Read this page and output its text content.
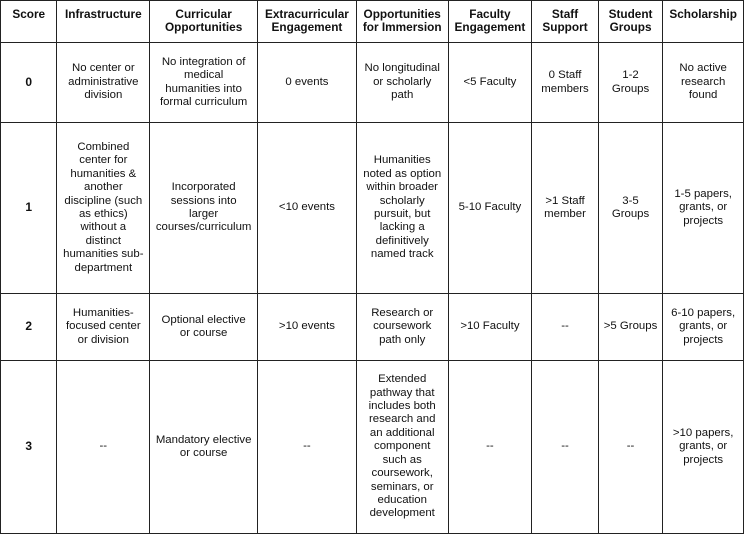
Score	Infrastructure	Curricular Opportunities	Extracurricular Engagement	Opportunities for Immersion	Faculty Engagement	Staff Support	Student Groups	Scholarship
0	No center or administrative division	No integration of medical humanities into formal curriculum	0 events	No longitudinal or scholarly path	<5 Faculty	0 Staff members	1-2 Groups	No active research found
1	Combined center for humanities & another discipline (such as ethics) without a distinct humanities sub-department	Incorporated sessions into larger courses/curriculum	<10 events	Humanities noted as option within broader scholarly pursuit, but lacking a definitively named track	5-10 Faculty	>1 Staff member	3-5 Groups	1-5 papers, grants, or projects
2	Humanities-focused center or division	Optional elective or course	>10 events	Research or coursework path only	>10 Faculty	--	>5 Groups	6-10 papers, grants, or projects
3	--	Mandatory elective or course	--	Extended pathway that includes both research and an additional component such as coursework, seminars, or education development	--	--	--	>10 papers, grants, or projects
